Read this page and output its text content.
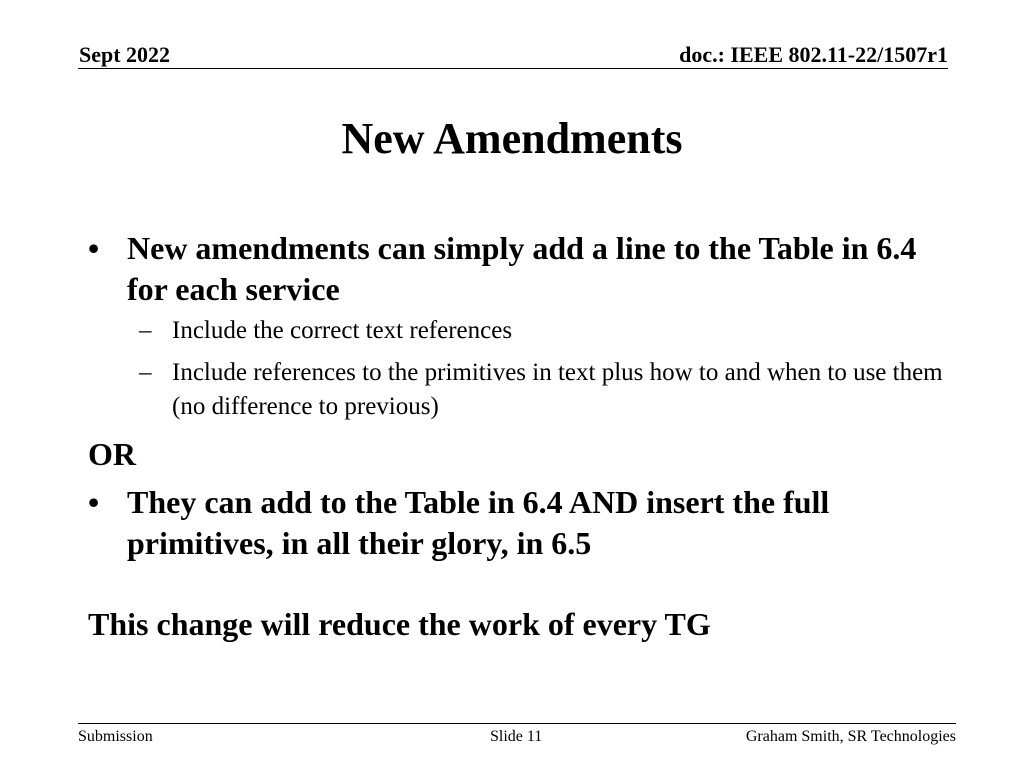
Sept 2022	doc.: IEEE 802.11-22/1507r1
New Amendments
• New amendments can simply add a line to the Table in 6.4 for each service
– Include the correct text references
– Include references to the primitives in text plus how to and when to use them (no difference to previous)
OR
• They can add to the Table in 6.4 AND insert the full primitives, in all their glory, in 6.5
This change will reduce the work of every TG
Submission	Slide 11	Graham Smith, SR Technologies
